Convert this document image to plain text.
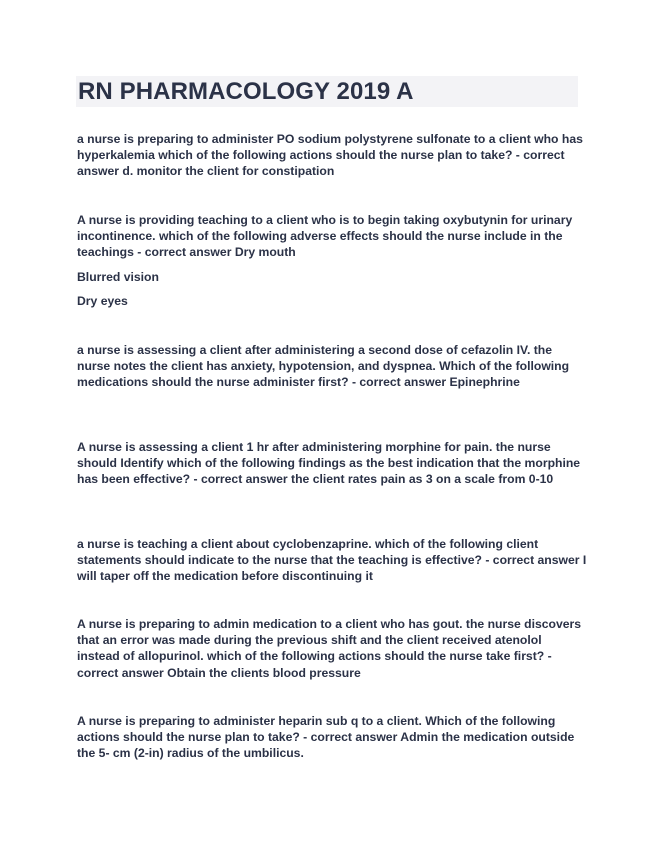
RN PHARMACOLOGY 2019 A
a nurse is preparing to administer PO sodium polystyrene sulfonate to a client who has hyperkalemia which of the following actions should the nurse plan to take? - correct answer d. monitor the client for constipation
A nurse is providing teaching to a client who is to begin taking oxybutynin for urinary incontinence. which of the following adverse effects should the nurse include in the teachings - correct answer Dry mouth
Blurred vision
Dry eyes
a nurse is assessing a client after administering a second dose of cefazolin IV. the nurse notes the client has anxiety, hypotension, and dyspnea. Which of the following medications should the nurse administer first? - correct answer Epinephrine
A nurse is assessing a client 1 hr after administering morphine for pain. the nurse should Identify which of the following findings as the best indication that the morphine has been effective? - correct answer the client rates pain as 3 on a scale from 0-10
a nurse is teaching a client about cyclobenzaprine. which of the following client statements should indicate to the nurse that the teaching is effective? - correct answer I will taper off the medication before discontinuing it
A nurse is preparing to admin medication to a client who has gout. the nurse discovers that an error was made during the previous shift and the client received atenolol instead of allopurinol. which of the following actions should the nurse take first? - correct answer Obtain the clients blood pressure
A nurse is preparing to administer heparin sub q to a client. Which of the following actions should the nurse plan to take? - correct answer Admin the medication outside the 5- cm (2-in) radius of the umbilicus.
